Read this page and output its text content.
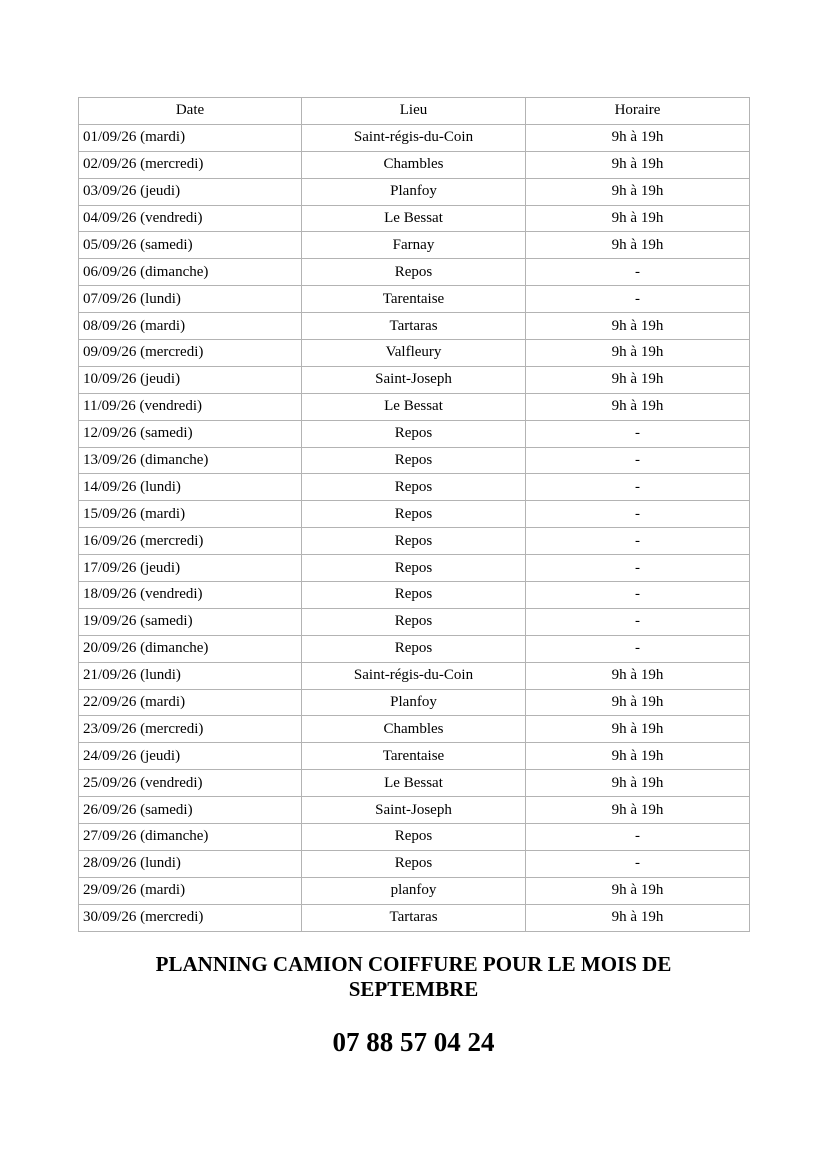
Date	Lieu	Horaire
01/09/26 (mardi)	Saint-régis-du-Coin	9h à 19h
02/09/26 (mercredi)	Chambles	9h à 19h
03/09/26 (jeudi)	Planfoy	9h à 19h
04/09/26 (vendredi)	Le Bessat	9h à 19h
05/09/26 (samedi)	Farnay	9h à 19h
06/09/26 (dimanche)	Repos	-
07/09/26 (lundi)	Tarentaise	-
08/09/26 (mardi)	Tartaras	9h à 19h
09/09/26 (mercredi)	Valfleury	9h à 19h
10/09/26 (jeudi)	Saint-Joseph	9h à 19h
11/09/26 (vendredi)	Le Bessat	9h à 19h
12/09/26 (samedi)	Repos	-
13/09/26 (dimanche)	Repos	-
14/09/26 (lundi)	Repos	-
15/09/26 (mardi)	Repos	-
16/09/26 (mercredi)	Repos	-
17/09/26 (jeudi)	Repos	-
18/09/26 (vendredi)	Repos	-
19/09/26 (samedi)	Repos	-
20/09/26 (dimanche)	Repos	-
21/09/26 (lundi)	Saint-régis-du-Coin	9h à 19h
22/09/26 (mardi)	Planfoy	9h à 19h
23/09/26 (mercredi)	Chambles	9h à 19h
24/09/26 (jeudi)	Tarentaise	9h à 19h
25/09/26 (vendredi)	Le Bessat	9h à 19h
26/09/26 (samedi)	Saint-Joseph	9h à 19h
27/09/26 (dimanche)	Repos	-
28/09/26 (lundi)	Repos	-
29/09/26 (mardi)	planfoy	9h à 19h
30/09/26 (mercredi)	Tartaras	9h à 19h
PLANNING CAMION COIFFURE POUR LE MOIS DE
SEPTEMBRE
07 88 57 04 24
